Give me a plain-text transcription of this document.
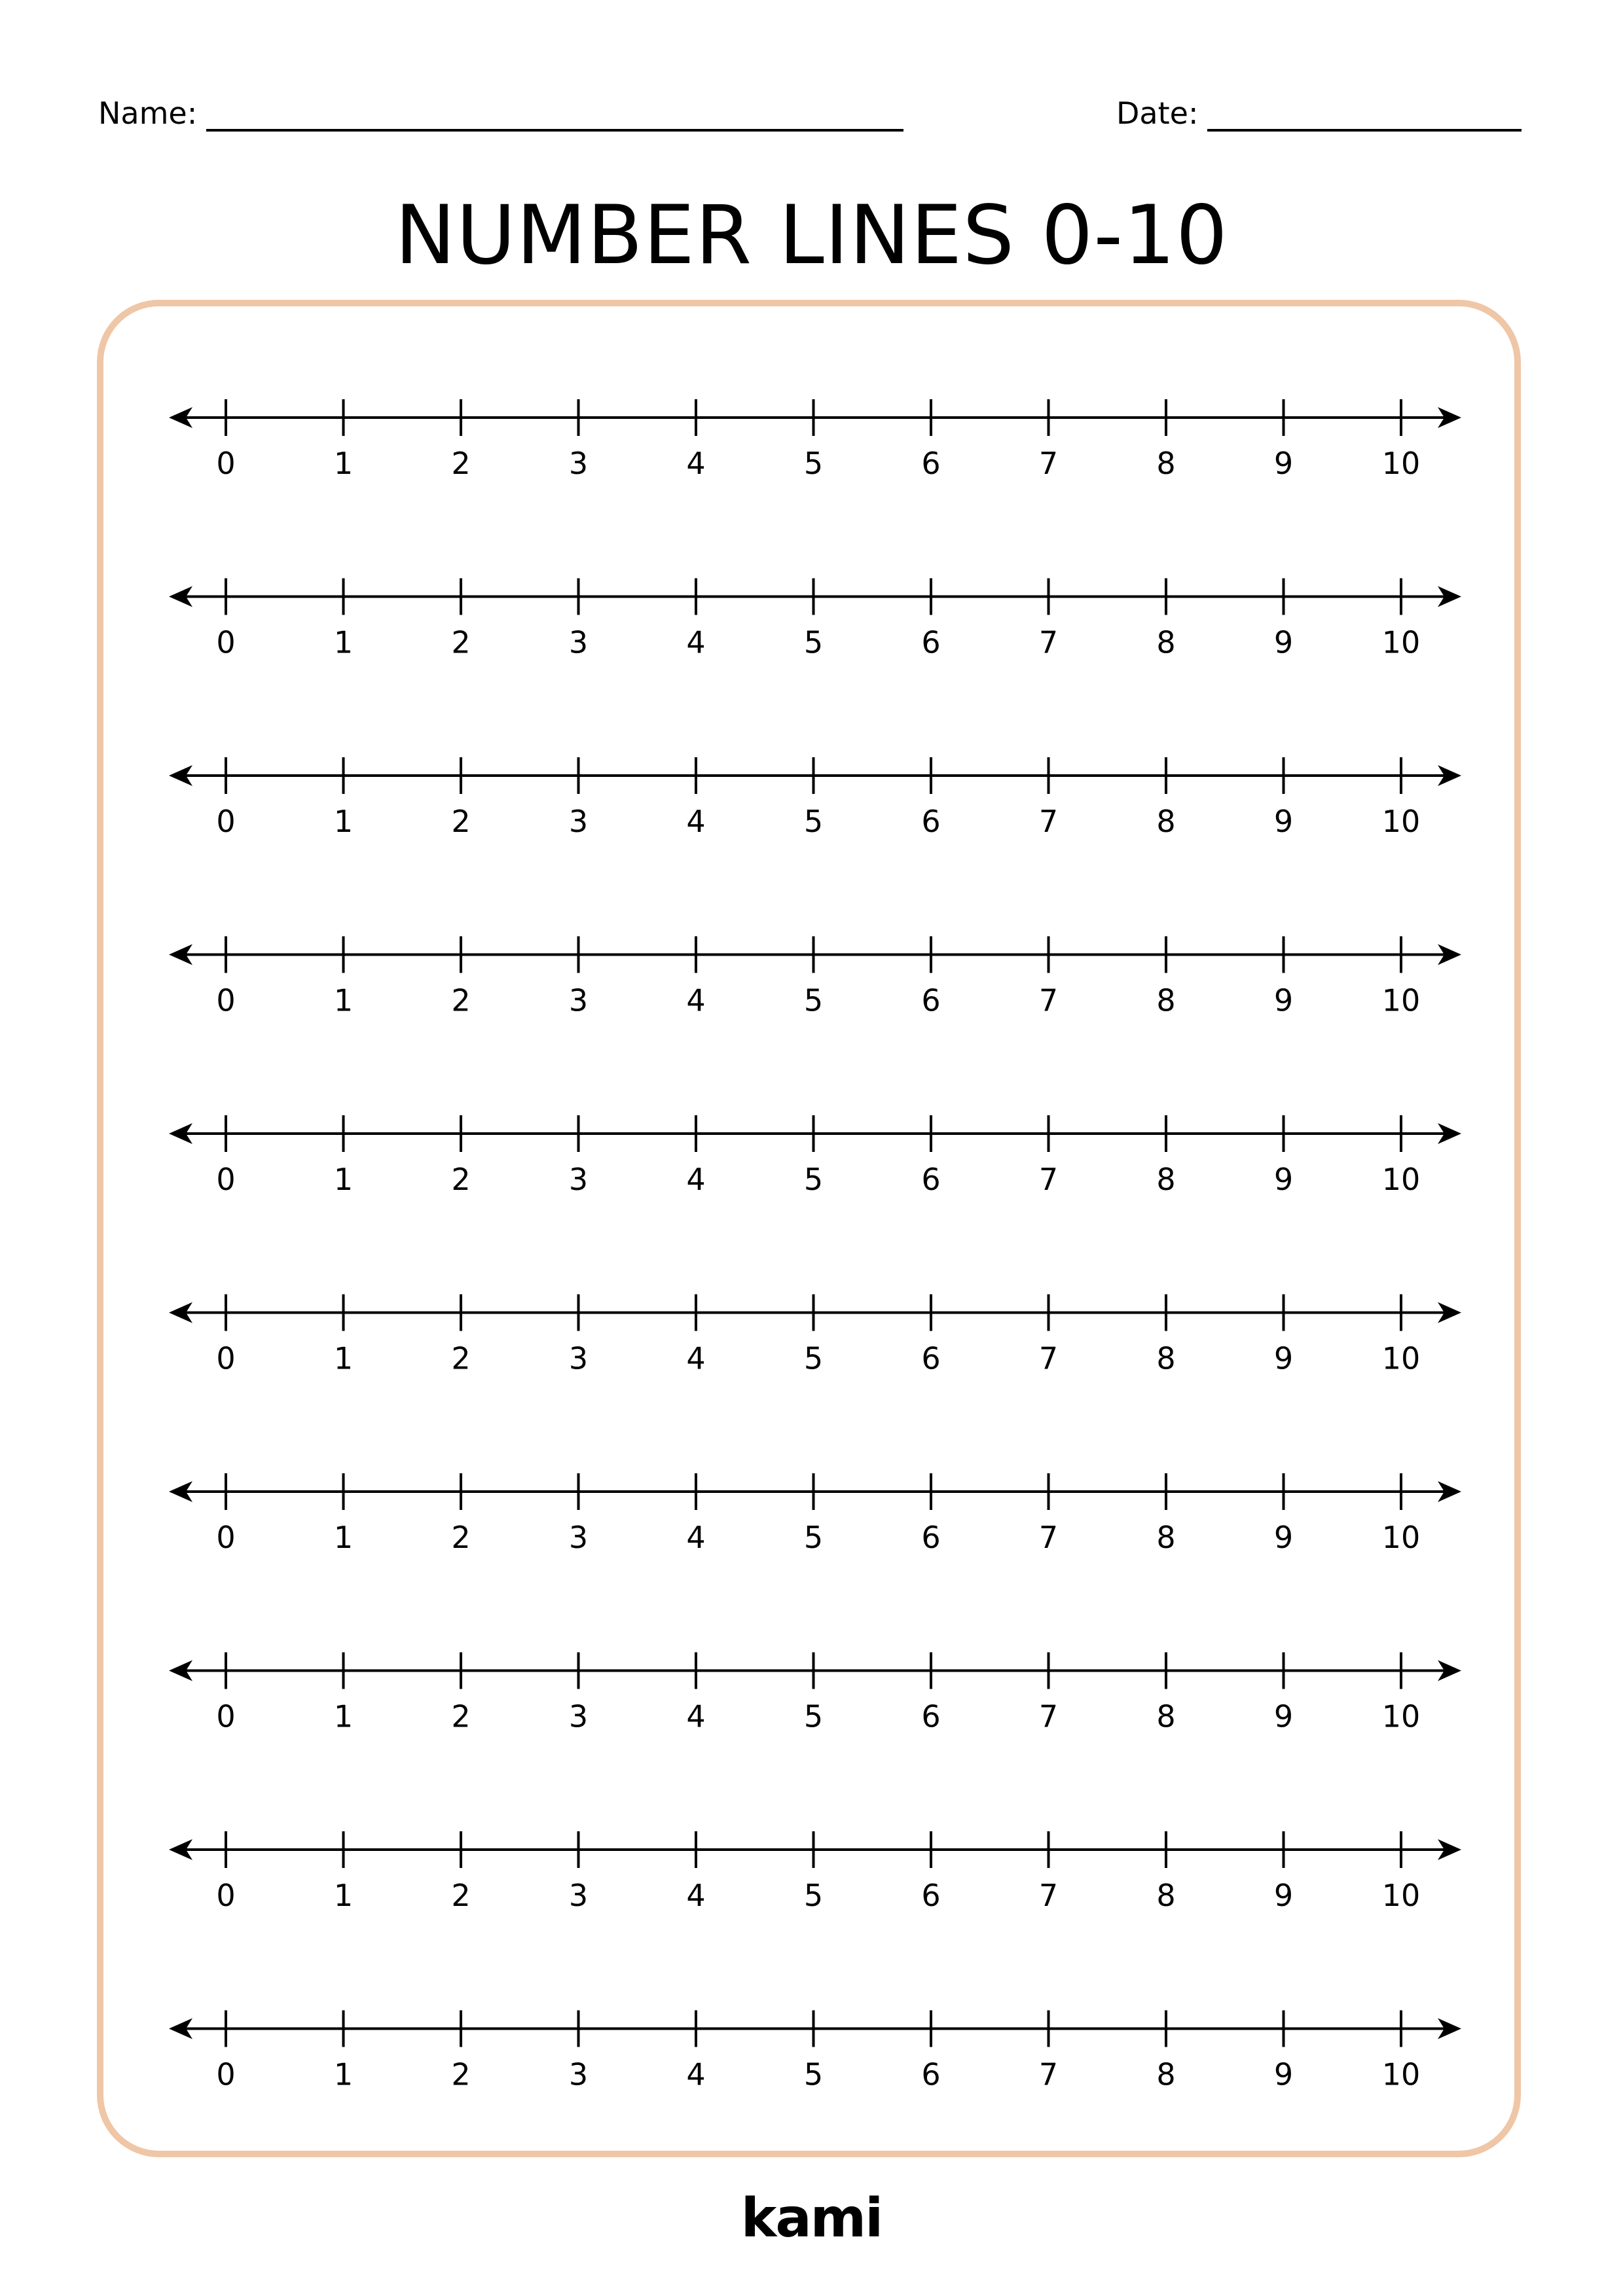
Name:	Date:
NUMBER LINES 0-10
0	1	2	3	4	5	6	7	8	9	10
0	1	2	3	4	5	6	7	8	9	10
0	1	2	3	4	5	6	7	8	9	10
0	1	2	3	4	5	6	7	8	9	10
0	1	2	3	4	5	6	7	8	9	10
0	1	2	3	4	5	6	7	8	9	10
0	1	2	3	4	5	6	7	8	9	10
0	1	2	3	4	5	6	7	8	9	10
0	1	2	3	4	5	6	7	8	9	10
0	1	2	3	4	5	6	7	8	9	10
kami
